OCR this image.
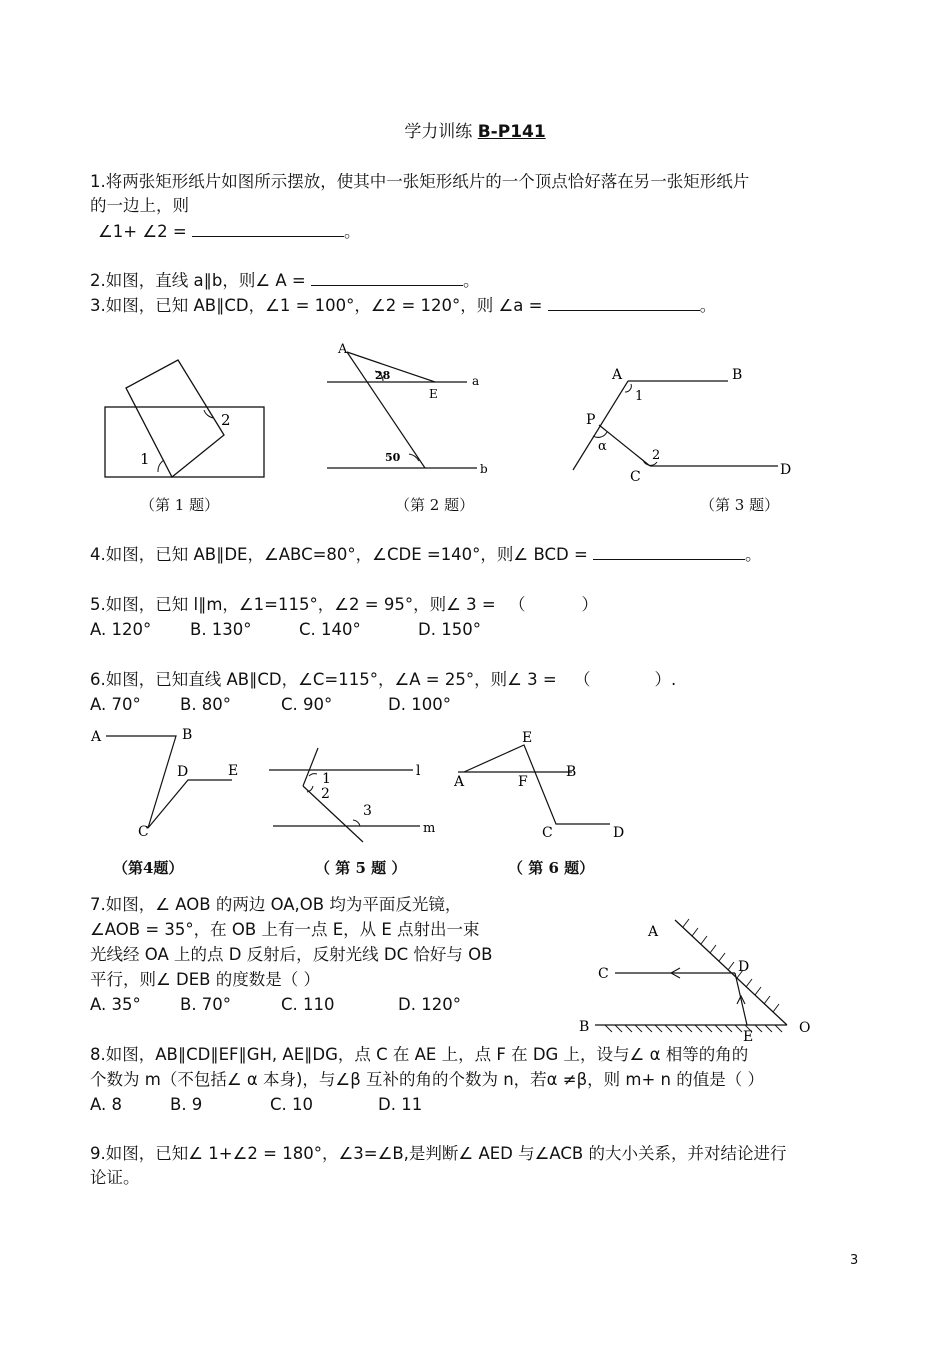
学力训练 B-P141
1.将两张矩形纸片如图所示摆放，使其中一张矩形纸片的一个顶点恰好落在另一张矩形纸片
的一边上，则
∠1+ ∠2 =	。
2.如图，直线 a∥b，则∠ A =	。
3.如图，已知 AB∥CD，∠1 = 100°，∠2 = 120°，则 ∠a =	。
1
2
（第 1 题）
A
28	a
E
50
b
（第 2 题）
A	B
1
P
α
2
C	D
（第 3 题）
4.如图，已知 AB∥DE，∠ABC=80°，∠CDE =140°，则∠ BCD =	。
5.如图，已知 l∥m，∠1=115°，∠2 = 95°，则∠ 3 = （	）
A. 120° B. 130°	C. 140°	D. 150°
6.如图，已知直线 AB∥CD，∠C=115°，∠A = 25°，则∠ 3 = （	）.
A. 70° B. 80°	C. 90°	D. 100°
A	B
D	E
C
（第4题）
1
2
l
3
m
（ 第 5 题 ）
E
A	F
B
C	D
（ 第 6 题）
7.如图，∠ AOB 的两边 OA,OB 均为平面反光镜，
∠AOB = 35°，在 OB 上有一点 E，从 E 点射出一束
光线经 OA 上的点 D 反射后，反射光线 DC 恰好与 OB
平行，则∠ DEB 的度数是（ ）
A. 35° B. 70°	C. 110	D. 120°
A
C	D
B
E
O
8.如图，AB∥CD∥EF∥GH, AE∥DG，点 C 在 AE 上，点 F 在 DG 上，设与∠ α 相等的角的
个数为 m（不包括∠ α 本身)，与∠β 互补的角的个数为 n，若α ≠β，则 m+ n 的值是（ ）
A. 8	B. 9	C. 10	D. 11
9.如图，已知∠ 1+∠2 = 180°，∠3=∠B,是判断∠ AED 与∠ACB 的大小关系，并对结论进行
论证。
3
